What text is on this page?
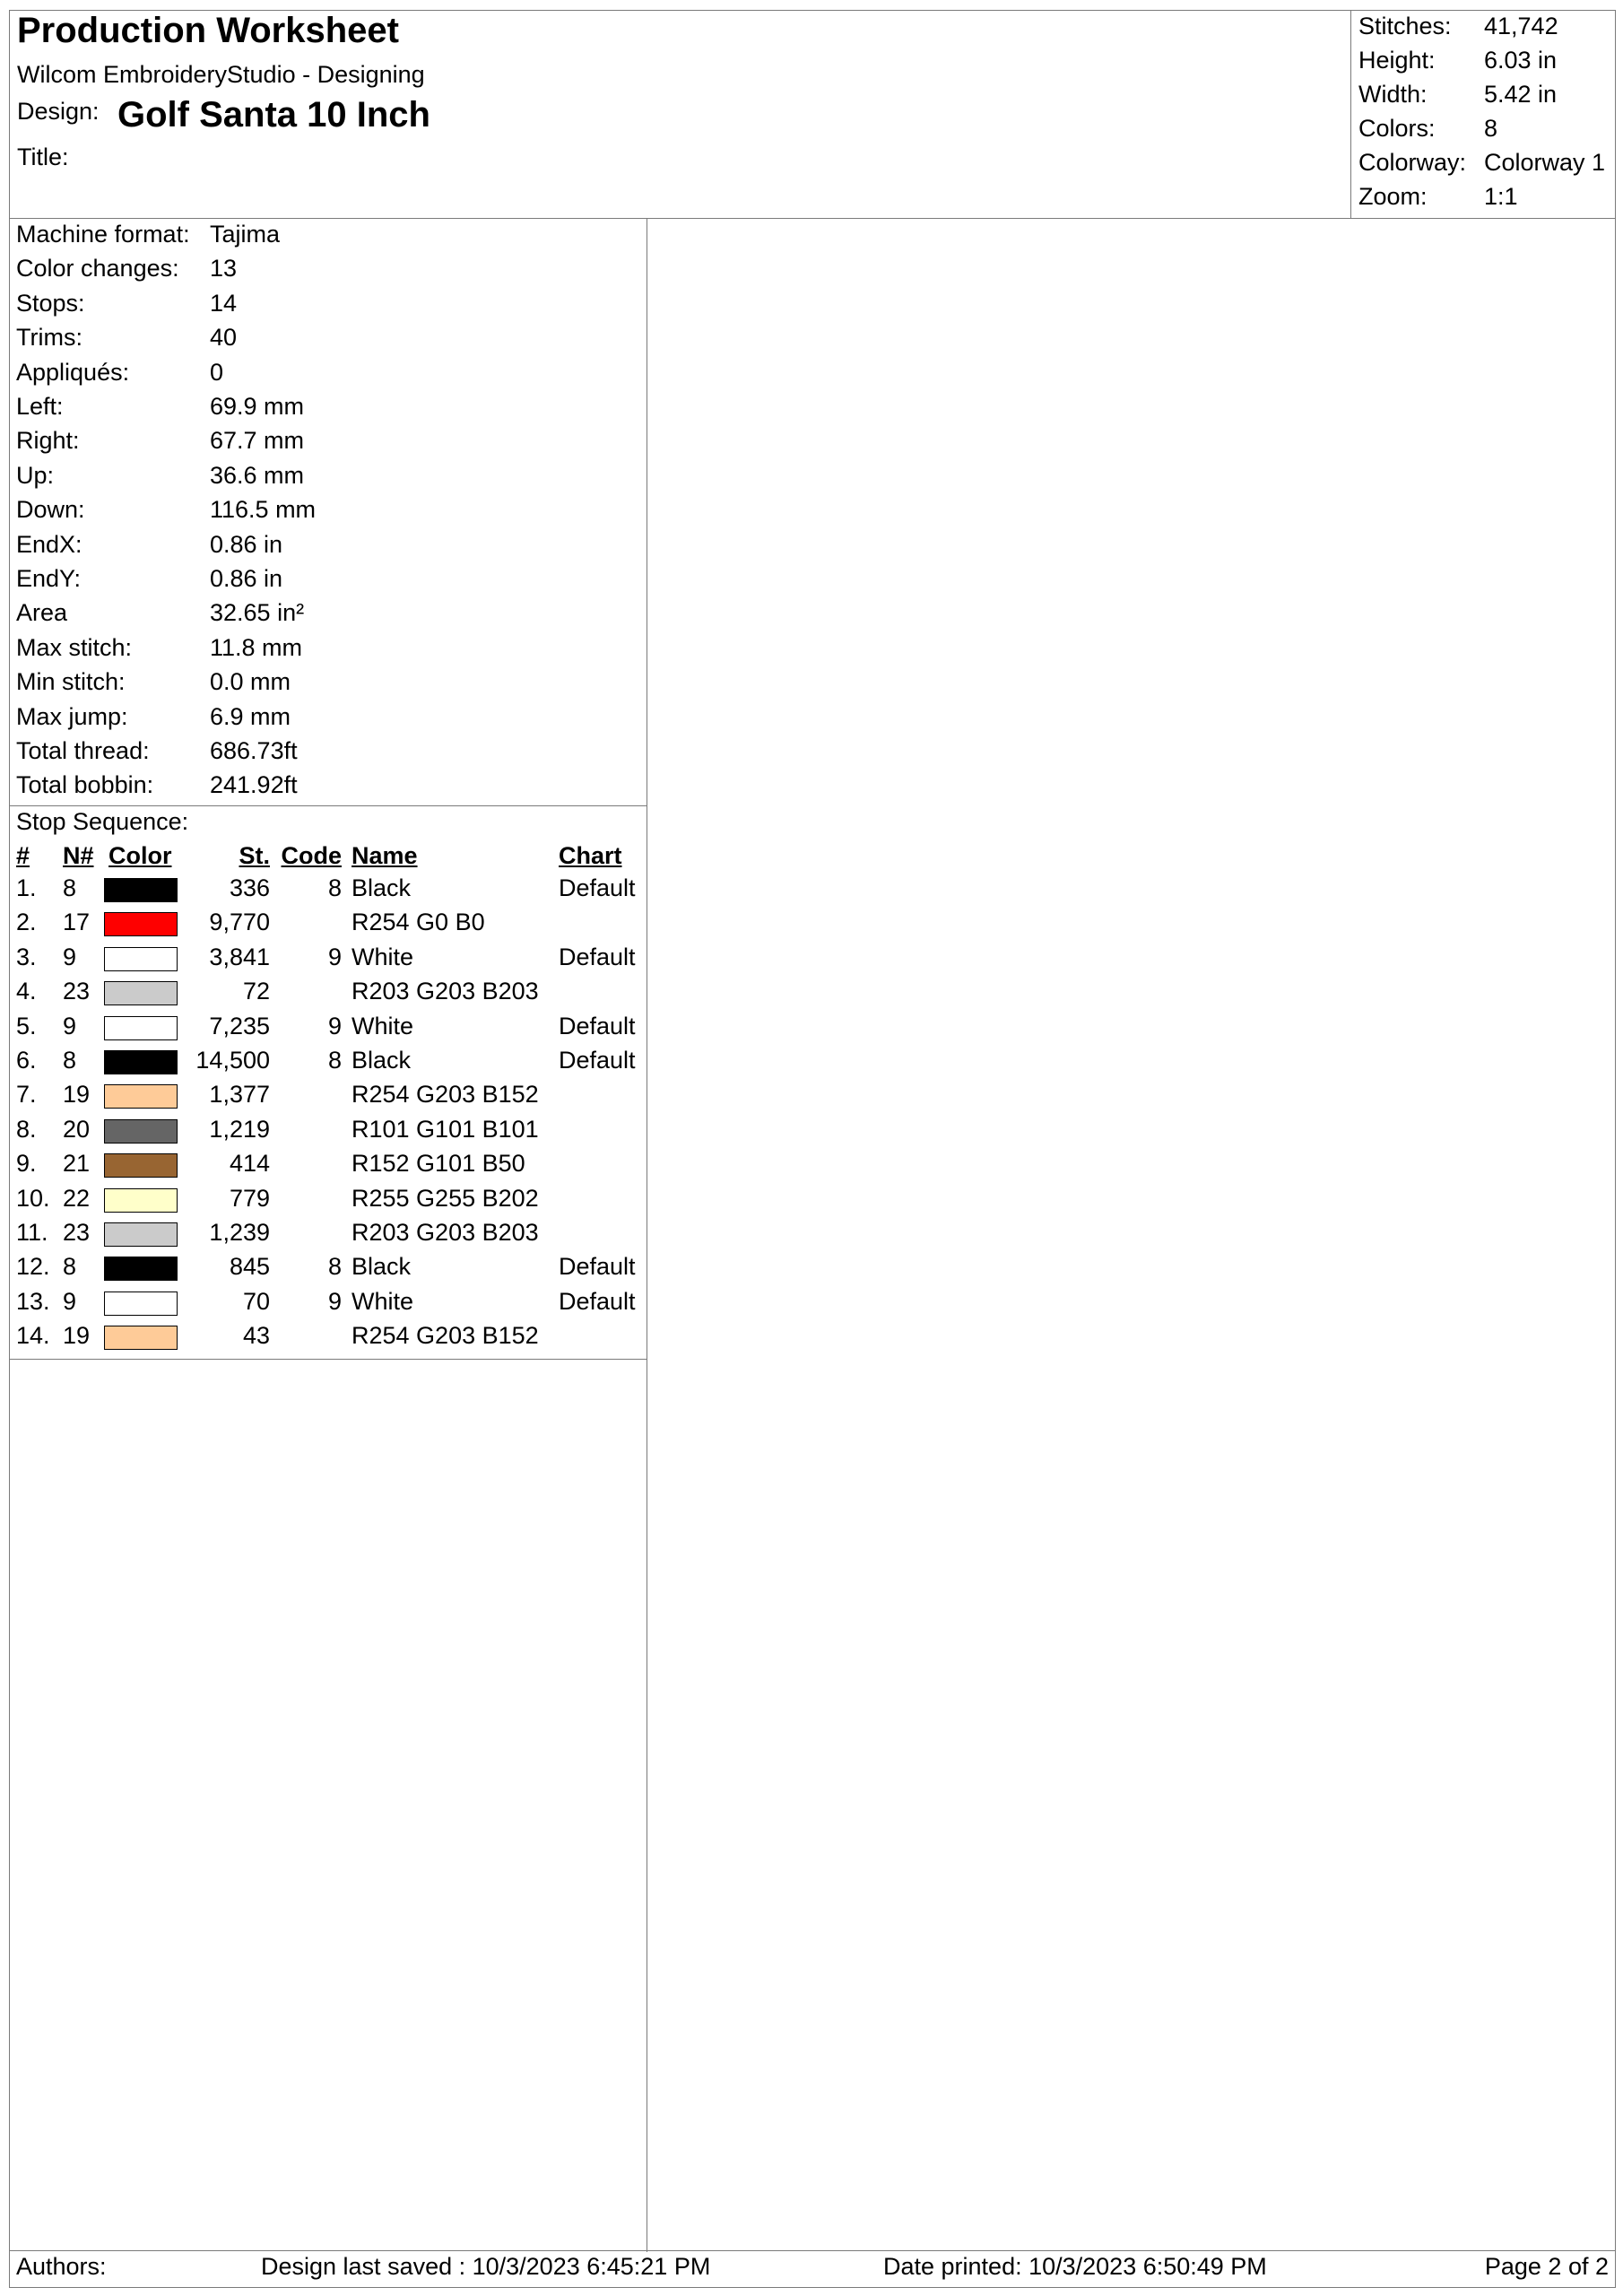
Production Worksheet
Wilcom EmbroideryStudio - Designing
Design: Golf Santa 10 Inch
Title:
Stitches: 41,742
Height: 6.03 in
Width: 5.42 in
Colors: 8
Colorway: Colorway 1
Zoom: 1:1
Machine format: Tajima
Color changes: 13
Stops:	14
Trims:	40
Appliqués:	0
Left:	69.9 mm
Right:	67.7 mm
Up:	36.6 mm
Down:	116.5 mm
EndX:	0.86 in
EndY:	0.86 in
Area	32.65 in²
Max stitch:	11.8 mm
Min stitch:	0.0 mm
Max jump:	6.9 mm
Total thread: 686.73ft
Total bobbin: 241.92ft
Stop Sequence:
# N# Color	St. Code Name	Chart
1. 8	336 8 Black	Default
2. 17	9,770	R254 G0 B0
3. 9	3,841 9 White	Default
4. 23	72	R203 G203 B203
5. 9	7,235 9 White	Default
6. 8	14,500 8 Black	Default
7. 19	1,377	R254 G203 B152
8. 20	1,219	R101 G101 B101
9. 21	414	R152 G101 B50
10. 22	779	R255 G255 B202
11. 23	1,239	R203 G203 B203
12. 8	845 8 Black	Default
13. 9	70 9 White	Default
14. 19	43	R254 G203 B152
Authors:	Design last saved : 10/3/2023 6:45:21 PM	Date printed: 10/3/2023 6:50:49 PM	Page 2 of 2
